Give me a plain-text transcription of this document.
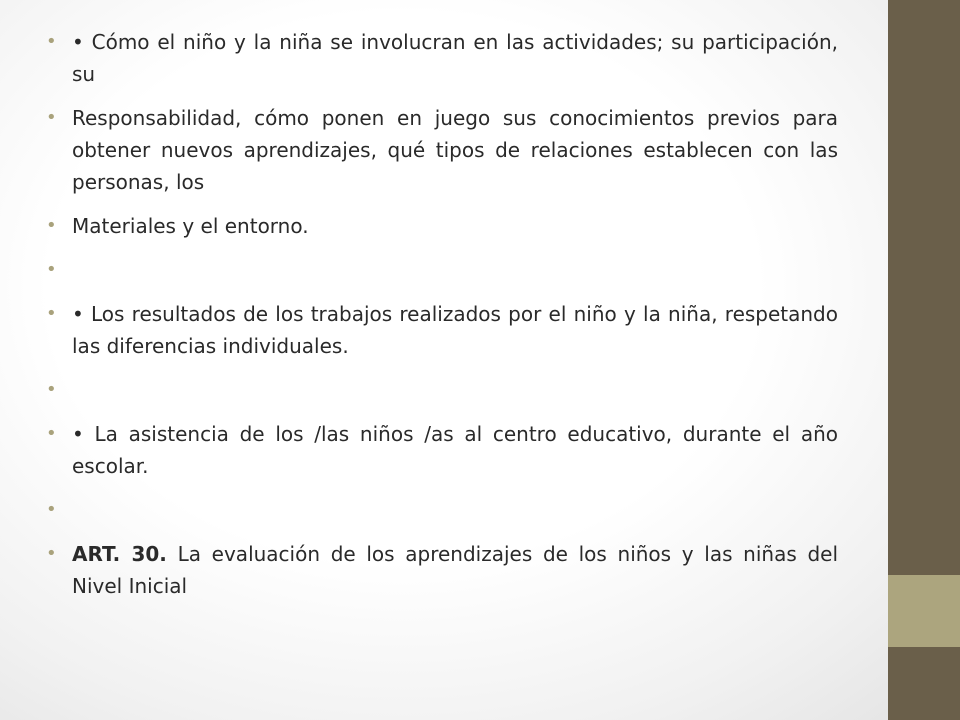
• • Cómo el niño y la niña se involucran en las actividades; su participación, su
• Responsabilidad, cómo ponen en juego sus conocimientos previos para obtener nuevos aprendizajes, qué tipos de relaciones establecen con las personas, los
• Materiales y el entorno.
•
• • Los resultados de los trabajos realizados por el niño y la niña, respetando las diferencias individuales.
•
• • La asistencia de los /las niños /as al centro educativo, durante el año escolar.
•
• ART. 30. La evaluación de los aprendizajes de los niños y las niñas del Nivel Inicial
